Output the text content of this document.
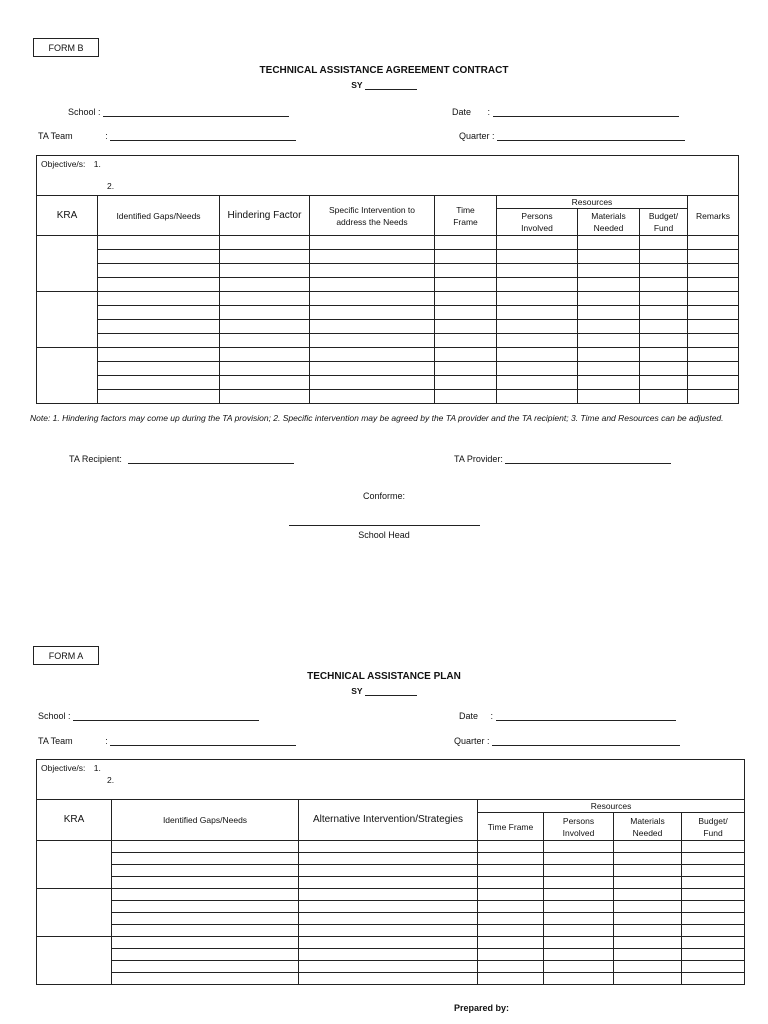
FORM B
TECHNICAL ASSISTANCE AGREEMENT CONTRACT
SY
School :	Date :
TA Team	:	Quarter :
Objective/s: 1.
2.								
KRA	Identified Gaps/Needs	Hindering Factor	Specific Intervention to address the Needs	Time Frame	Resources			Remarks
					Persons Involved	Materials Needed	Budget/ Fund	

Note: 1. Hindering factors may come up during the TA provision; 2. Specific intervention may be agreed by the TA provider and the TA recipient; 3. Time and Resources can be adjusted.
TA Recipient:	TA Provider:
Conforme:
School Head
FORM A
TECHNICAL ASSISTANCE PLAN
SY
School :	Date :
TA Team	:	Quarter :
Objective/s: 1.
2.						
KRA	Identified Gaps/Needs	Alternative Intervention/Strategies	Resources			
			Time Frame	Persons Involved	Materials Needed	Budget/ Fund

Prepared by:
